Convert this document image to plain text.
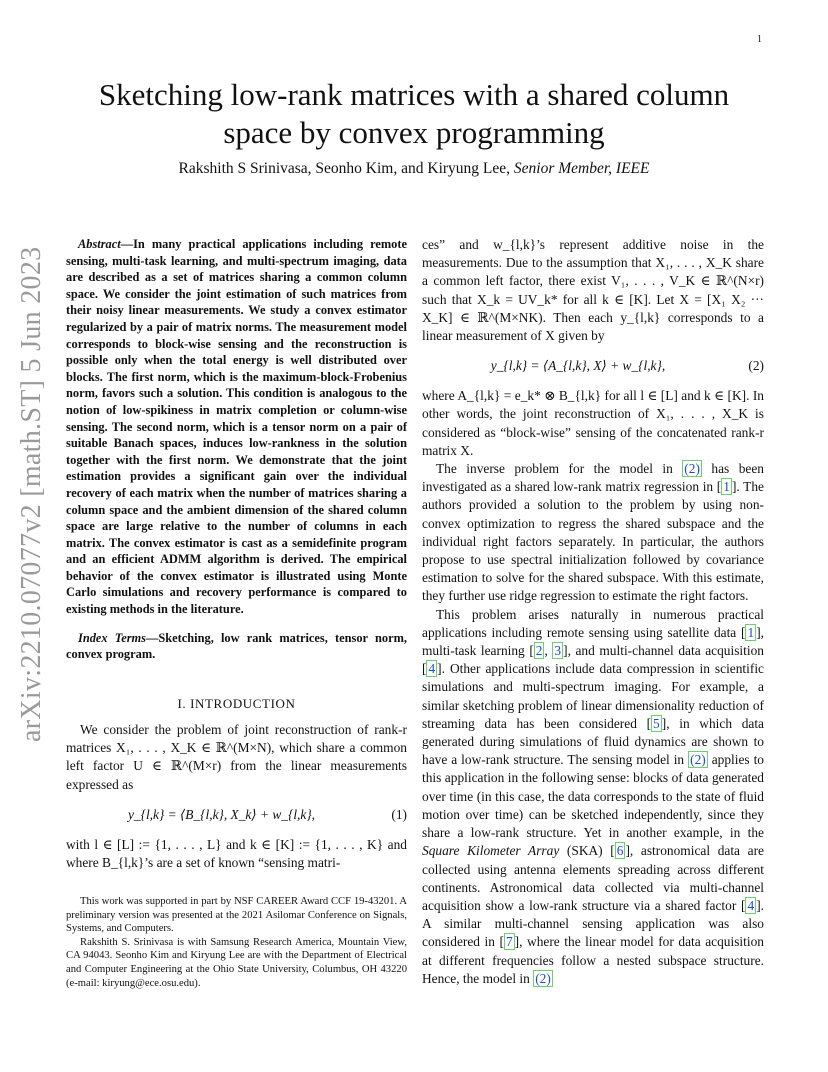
1
arXiv:2210.07077v2 [math.ST] 5 Jun 2023
Sketching low-rank matrices with a shared column
space by convex programming
Rakshith S Srinivasa, Seonho Kim, and Kiryung Lee, Senior Member, IEEE

Abstract—In many practical applications including remote sensing, multi-task learning, and multi-spectrum imaging, data are described as a set of matrices sharing a common column space. We consider the joint estimation of such matrices from their noisy linear measurements. We study a convex estimator regularized by a pair of matrix norms. The measurement model corresponds to block-wise sensing and the reconstruction is possible only when the total energy is well distributed over blocks. The first norm, which is the maximum-block-Frobenius norm, favors such a solution. This condition is analogous to the notion of low-spikiness in matrix completion or column-wise sensing. The second norm, which is a tensor norm on a pair of suitable Banach spaces, induces low-rankness in the solution together with the first norm. We demonstrate that the joint estimation provides a significant gain over the individual recovery of each matrix when the number of matrices sharing a column space and the ambient dimension of the shared column space are large relative to the number of columns in each matrix. The convex estimator is cast as a semidefinite program and an efficient ADMM algorithm is derived. The empirical behavior of the convex estimator is illustrated using Monte Carlo simulations and recovery performance is compared to existing methods in the literature.

Index Terms—Sketching, low rank matrices, tensor norm, convex program.

I. INTRODUCTION

We consider the problem of joint reconstruction of rank-r matrices X₁, . . . , X_K ∈ ℝ^(M×N), which share a common left factor U ∈ ℝ^(M×r) from the linear measurements expressed as

y_{l,k} = ⟨B_{l,k}, X_k⟩ + w_{l,k},	(1)

with l ∈ [L] := {1, . . . , L} and k ∈ [K] := {1, . . . , K} and where B_{l,k}’s are a set of known “sensing matri-

This work was supported in part by NSF CAREER Award CCF 19-43201. A preliminary version was presented at the 2021 Asilomar Conference on Signals, Systems, and Computers.

Rakshith S. Srinivasa is with Samsung Research America, Mountain View, CA 94043. Seonho Kim and Kiryung Lee are with the Department of Electrical and Computer Engineering at the Ohio State University, Columbus, OH 43220 (e-mail: kiryung@ece.osu.edu).

ces” and w_{l,k}’s represent additive noise in the measurements. Due to the assumption that X₁, . . . , X_K share a common left factor, there exist V₁, . . . , V_K ∈ ℝ^(N×r) such that X_k = UV_k* for all k ∈ [K]. Let X = [X₁ X₂ ··· X_K] ∈ ℝ^(M×NK). Then each y_{l,k} corresponds to a linear measurement of X given by

y_{l,k} = ⟨A_{l,k}, X⟩ + w_{l,k},	(2)

where A_{l,k} = e_k* ⊗ B_{l,k} for all l ∈ [L] and k ∈ [K]. In other words, the joint reconstruction of X₁, . . . , X_K is considered as “block-wise” sensing of the concatenated rank-r matrix X.

The inverse problem for the model in (2) has been investigated as a shared low-rank matrix regression in [ 1 ]. The authors provided a solution to the problem by using non-convex optimization to regress the shared subspace and the individual right factors separately. In particular, the authors propose to use spectral initialization followed by covariance estimation to solve for the shared subspace. With this estimate, they further use ridge regression to estimate the right factors.

This problem arises naturally in numerous practical applications including remote sensing using satellite data [ 1 ], multi-task learning [ 2 , 3 ], and multi-channel data acquisition [ 4 ]. Other applications include data compression in scientific simulations and multi-spectrum imaging. For example, a similar sketching problem of linear dimensionality reduction of streaming data has been considered [ 5 ], in which data generated during simulations of fluid dynamics are shown to have a low-rank structure. The sensing model in (2) applies to this application in the following sense: blocks of data generated over time (in this case, the data corresponds to the state of fluid motion over time) can be sketched independently, since they share a low-rank structure. Yet in another example, in the Square Kilometer Array (SKA) [ 6 ], astronomical data are collected using antenna elements spreading across different continents. Astronomical data collected via multi-channel acquisition show a low-rank structure via a shared factor [ 4 ]. A similar multi-channel sensing application was also considered in [ 7 ], where the linear model for data acquisition at different frequencies follow a nested subspace structure. Hence, the model in (2)
